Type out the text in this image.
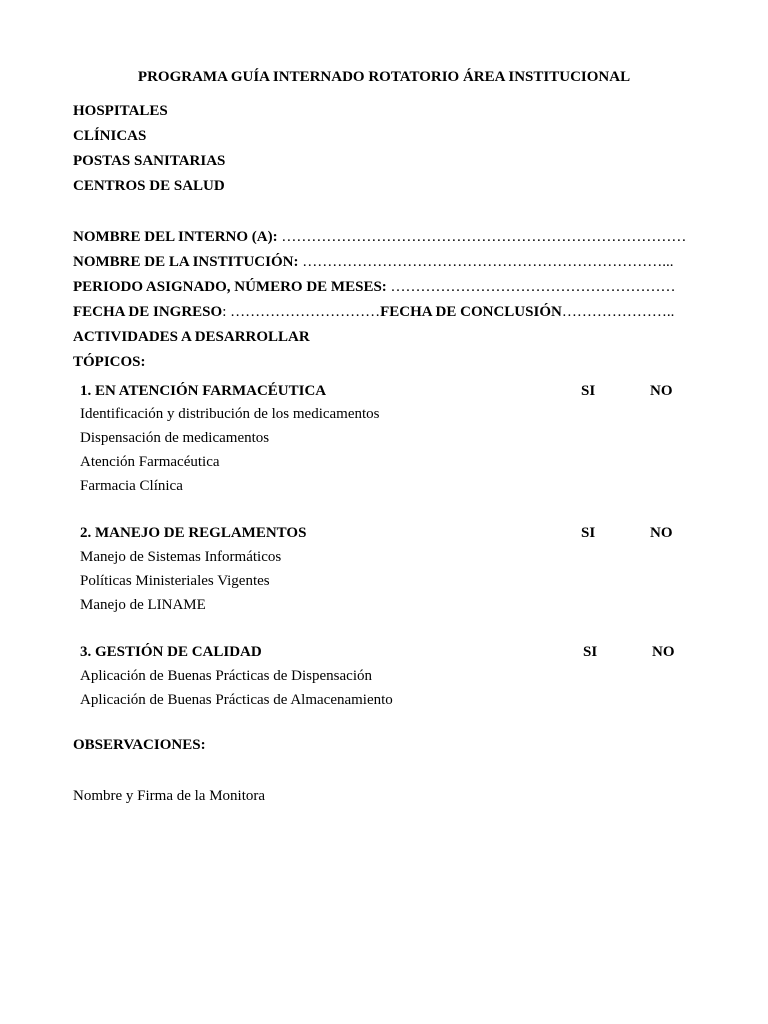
PROGRAMA GUÍA INTERNADO ROTATORIO ÁREA INSTITUCIONAL
HOSPITALES
CLÍNICAS
POSTAS SANITARIAS
CENTROS DE SALUD
NOMBRE DEL INTERNO (A): ………………………………………………………………………
NOMBRE DE LA INSTITUCIÓN: ………………………………………………………………...
PERIODO ASIGNADO, NÚMERO DE MESES: …………………………………………………
FECHA DE INGRESO: …………………………FECHA DE CONCLUSIÓN…………………..
ACTIVIDADES A DESARROLLAR
TÓPICOS:
1. EN ATENCIÓN FARMACÉUTICA	SI	NO
Identificación y distribución de los medicamentos
Dispensación de medicamentos
Atención Farmacéutica
Farmacia Clínica
2. MANEJO DE REGLAMENTOS	SI	NO
Manejo de Sistemas Informáticos
Políticas Ministeriales Vigentes
Manejo de LINAME
3. GESTIÓN DE CALIDAD	SI	NO
Aplicación de Buenas Prácticas de Dispensación
Aplicación de Buenas Prácticas de Almacenamiento
OBSERVACIONES:
Nombre y Firma de la Monitora
